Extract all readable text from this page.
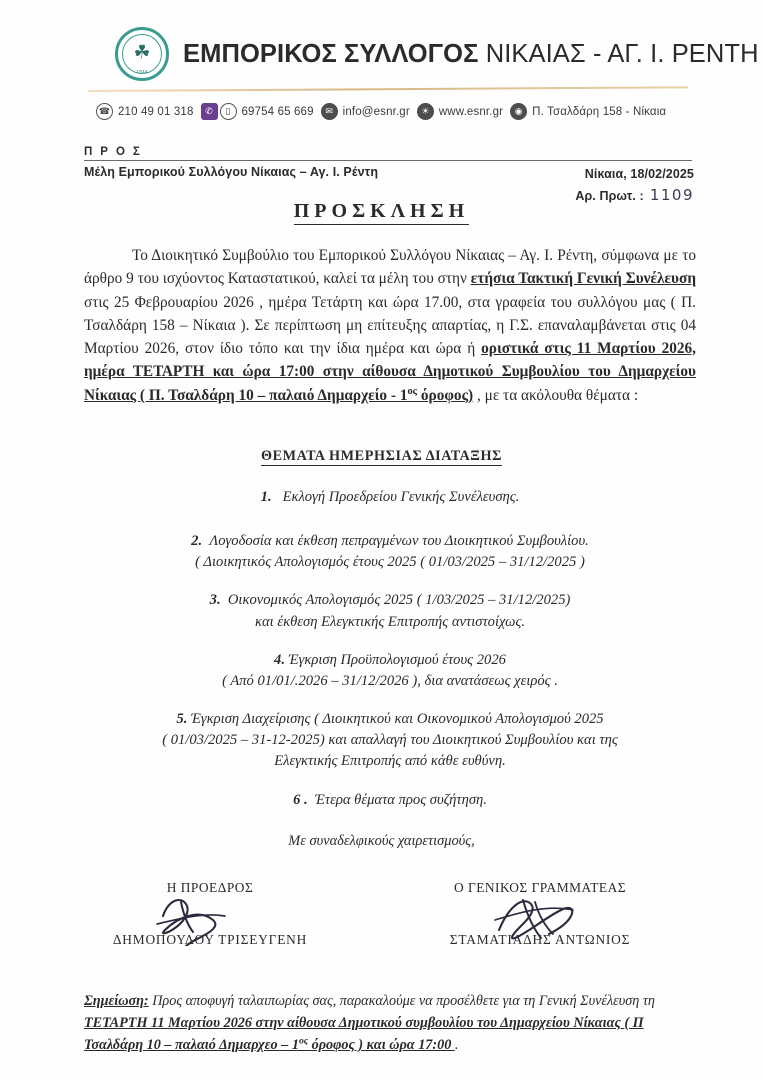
☘
1934
ΕΜΠΟΡΙΚΟΣ ΣΥΛΛΟΓΟΣ ΝΙΚΑΙΑΣ - ΑΓ. Ι. ΡΕΝΤΗ
☎ 210 49 01 318	✆	▯ 69754 65 669	✉ info@esnr.gr	☀ www.esnr.gr	◉ Π. Τσαλδάρη 158 - Νίκαια
Π Ρ Ο Σ
Μέλη Εμπορικού Συλλόγου Νίκαιας – Αγ. Ι. Ρέντη	Νίκαια, 18/02/2025
Αρ. Πρωτ. : 1109
ΠΡΟΣΚΛΗΣΗ
Το Διοικητικό Συμβούλιο του Εμπορικού Συλλόγου Νίκαιας – Αγ. Ι. Ρέντη, σύμφωνα με το άρθρο 9 του ισχύοντος Καταστατικού, καλεί τα μέλη του στην ετήσια Τακτική Γενική Συνέλευση στις 25 Φεβρουαρίου 2026 , ημέρα Τετάρτη και ώρα 17.00, στα γραφεία του συλλόγου μας ( Π. Τσαλδάρη 158 – Νίκαια ). Σε περίπτωση μη επίτευξης απαρτίας, η Γ.Σ. επαναλαμβάνεται στις 04 Μαρτίου 2026, στον ίδιο τόπο και την ίδια ημέρα και ώρα ή οριστικά στις 11 Μαρτίου 2026, ημέρα ΤΕΤΑΡΤΗ και ώρα 17:00 στην αίθουσα Δημοτικού Συμβουλίου του Δημαρχείου Νίκαιας ( Π. Τσαλδάρη 10 – παλαιό Δημαρχείο - $1^{o\varsigma}$ όροφος) , με τα ακόλουθα θέματα :
ΘΕΜΑΤΑ ΗΜΕΡΗΣΙΑΣ ΔΙΑΤΑΞΗΣ
1. Εκλογή Προεδρείου Γενικής Συνέλευσης.
2. Λογοδοσία και έκθεση πεπραγμένων του Διοικητικού Συμβουλίου.
( Διοικητικός Απολογισμός έτους 2025 ( 01/03/2025 – 31/12/2025 )
3. Οικονομικός Απολογισμός 2025 ( 1/03/2025 – 31/12/2025)
και έκθεση Ελεγκτικής Επιτροπής αντιστοίχως.
4. Έγκριση Προϋπολογισμού έτους 2026
( Από 01/01/.2026 – 31/12/2026 ), δια ανατάσεως χειρός .
5. Έγκριση Διαχείρισης ( Διοικητικού και Οικονομικού Απολογισμού 2025
( 01/03/2025 – 31-12-2025) και απαλλαγή του Διοικητικού Συμβουλίου και της
Ελεγκτικής Επιτροπής από κάθε ευθύνη.
6 . Έτερα θέματα προς συζήτηση.
Με συναδελφικούς χαιρετισμούς,
Η ΠΡΟΕΔΡΟΣ
ΔΗΜΟΠΟΥΛΟΥ ΤΡΙΣΕΥΓΕΝΗ
Ο ΓΕΝΙΚΟΣ ΓΡΑΜΜΑΤΕΑΣ
ΣΤΑΜΑΤΙΑΔΗΣ ΑΝΤΩΝΙΟΣ
Σημείωση: Προς αποφυγή ταλαιπωρίας σας, παρακαλούμε να προσέλθετε για τη Γενική Συνέλευση τη ΤΕΤΑΡΤΗ 11 Μαρτίου 2026 στην αίθουσα Δημοτικού συμβουλίου του Δημαρχείου Νίκαιας ( Π Τσαλδάρη 10 – παλαιό Δημαρχεο – $1^{o\varsigma}$ όροφος ) και ώρα 17:00 .
